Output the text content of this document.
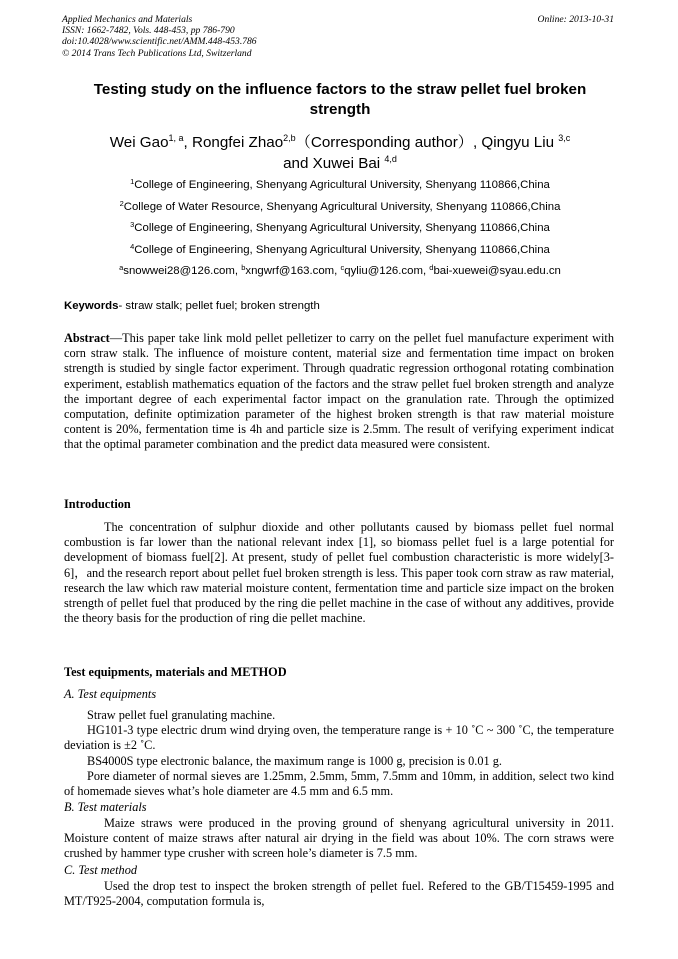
Applied Mechanics and Materials
ISSN: 1662-7482, Vols. 448-453, pp 786-790
doi:10.4028/www.scientific.net/AMM.448-453.786
© 2014 Trans Tech Publications Ltd, Switzerland
Online: 2013-10-31
Testing study on the influence factors to the straw pellet fuel broken
strength
Wei Gao$^{1, a}$, Rongfei Zhao$^{2,b}$（Corresponding author）, Qingyu Liu $^{3,c}$
and Xuwei Bai $^{4,d}$
$^1$College of Engineering, Shenyang Agricultural University, Shenyang 110866,China
$^2$College of Water Resource, Shenyang Agricultural University, Shenyang 110866,China
$^3$College of Engineering, Shenyang Agricultural University, Shenyang 110866,China
$^4$College of Engineering, Shenyang Agricultural University, Shenyang 110866,China
$^a$snowwei28@126.com, $^b$xngwrf@163.com, $^c$qyliu@126.com, $^d$bai-xuewei@syau.edu.cn
Keywords- straw stalk; pellet fuel; broken strength

Abstract—This paper take link mold pellet pelletizer to carry on the pellet fuel manufacture experiment with corn straw stalk. The influence of moisture content, material size and fermentation time impact on broken strength is studied by single factor experiment. Through quadratic regression orthogonal rotating combination experiment, establish mathematics equation of the factors and the straw pellet fuel broken strength and analyze the important degree of each experimental factor impact on the granulation rate. Through the optimized computation, definite optimization parameter of the highest broken strength is that raw material moisture content is 20%, fermentation time is 4h and particle size is 2.5mm. The result of verifying experiment indicat that the optimal parameter combination and the predict data measured were consistent.

Introduction

The concentration of sulphur dioxide and other pollutants caused by biomass pellet fuel normal combustion is far lower than the national relevant index [1], so biomass pellet fuel is a large potential for development of biomass fuel[2]. At present, study of pellet fuel combustion characteristic is more widely[3-6]，and the research report about pellet fuel broken strength is less. This paper took corn straw as raw material, research the law which raw material moisture content, fermentation time and particle size impact on the broken strength of pellet fuel that produced by the ring die pellet machine in the case of without any additives, provide the theory basis for the production of ring die pellet machine.

Test equipments, materials and METHOD
A. Test equipments

Straw pellet fuel granulating machine.

HG101-3 type electric drum wind drying oven, the temperature range is + 10 ˚C ~ 300 ˚C, the temperature deviation is ±2 ˚C.

BS4000S type electronic balance, the maximum range is 1000 g, precision is 0.01 g.

Pore diameter of normal sieves are 1.25mm, 2.5mm, 5mm, 7.5mm and 10mm, in addition, select two kind of homemade sieves what’s hole diameter are 4.5 mm and 6.5 mm.

B. Test materials

Maize straws were produced in the proving ground of shenyang agricultural university in 2011. Moisture content of maize straws after natural air drying in the field was about 10%. The corn straws were crushed by hammer type crusher with screen hole’s diameter is 7.5 mm.

C. Test method

Used the drop test to inspect the broken strength of pellet fuel. Refered to the GB/T15459-1995 and MT/T925-2004, computation formula is,
